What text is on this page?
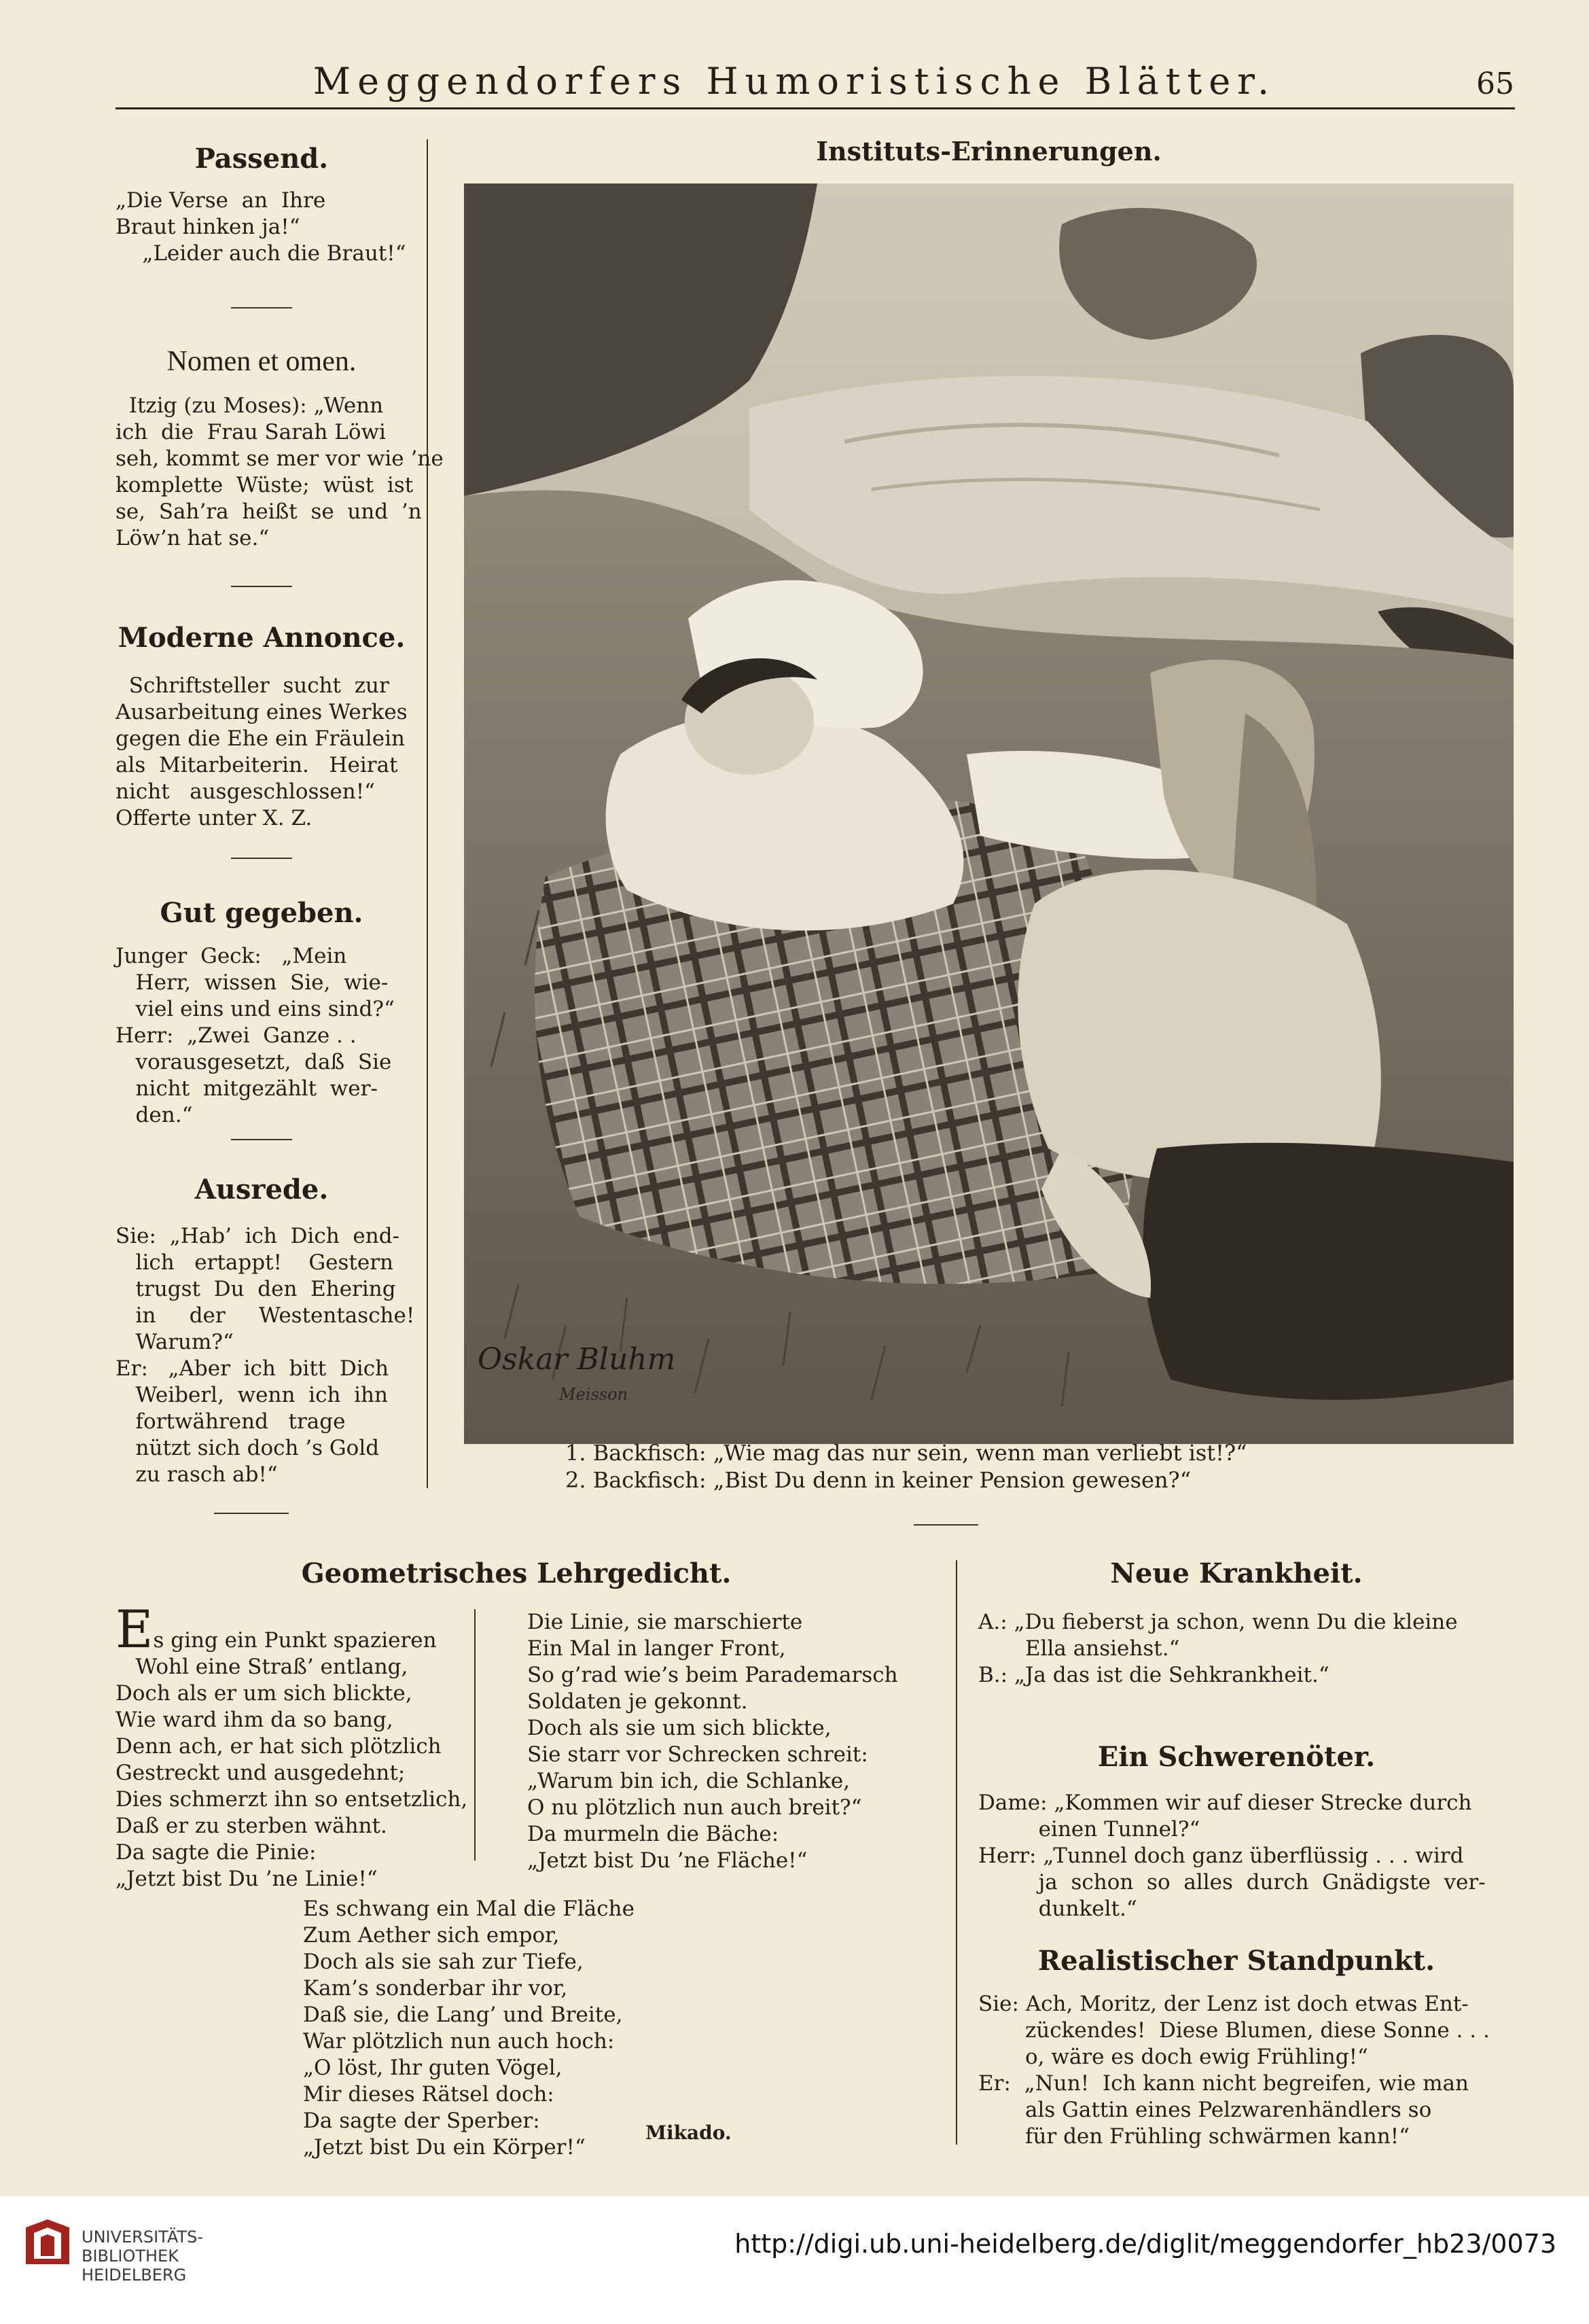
Meggendorfers Humoristische Blätter.	65
Passend.
„Die Verse  an  Ihre
Braut hinken ja!“
„Leider auch die Braut!“
Nomen et omen.
Itzig (zu Moses): „Wenn
ich  die  Frau Sarah Löwi
seh, kommt se mer vor wie ’ne
komplette  Wüste;  wüst  ist
se,  Sah’ra  heißt  se  und  ’n
Löw’n hat se.“
Moderne Annonce.
Schriftsteller  sucht  zur
Ausarbeitung eines Werkes
gegen die Ehe ein Fräulein
als  Mitarbeiterin.   Heirat
nicht   ausgeschlossen!“
Offerte unter X. Z.
Gut gegeben.
Junger  Geck:   „Mein
Herr,  wissen  Sie,  wie-
viel eins und eins sind?“
Herr:  „Zwei  Ganze . .
vorausgesetzt,  daß  Sie
nicht  mitgezählt  wer-
den.“
Ausrede.
Sie:  „Hab’  ich  Dich  end-
lich   ertappt!    Gestern
trugst  Du  den  Ehering
in     der     Westentasche!
Warum?“
Er:   „Aber  ich  bitt  Dich
Weiberl,  wenn  ich  ihn
fortwährend   trage
nützt sich doch ’s Gold
zu rasch ab!“
Instituts-Erinnerungen.
Oskar Bluhm
Meisson
1. Backfisch: „Wie mag das nur sein, wenn man verliebt ist!?“
2. Backfisch: „Bist Du denn in keiner Pension gewesen?“
Geometrisches Lehrgedicht.
Es ging ein Punkt spazieren
Wohl eine Straß’ entlang,
Doch als er um sich blickte,
Wie ward ihm da so bang,
Denn ach, er hat sich plötzlich
Gestreckt und ausgedehnt;
Dies schmerzt ihn so entsetzlich,
Daß er zu sterben wähnt.
Da sagte die Pinie:
„Jetzt bist Du ’ne Linie!“
Die Linie, sie marschierte
Ein Mal in langer Front,
So g’rad wie’s beim Parademarsch
Soldaten je gekonnt.
Doch als sie um sich blickte,
Sie starr vor Schrecken schreit:
„Warum bin ich, die Schlanke,
O nu plötzlich nun auch breit?“
Da murmeln die Bäche:
„Jetzt bist Du ’ne Fläche!“
Es schwang ein Mal die Fläche
Zum Aether sich empor,
Doch als sie sah zur Tiefe,
Kam’s sonderbar ihr vor,
Daß sie, die Lang’ und Breite,
War plötzlich nun auch hoch:
„O löst, Ihr guten Vögel,
Mir dieses Rätsel doch:
Da sagte der Sperber:
„Jetzt bist Du ein Körper!“
Mikado.
Neue Krankheit.
A.: „Du fieberst ja schon, wenn Du die kleine
Ella ansiehst.“
B.: „Ja das ist die Sehkrankheit.“
Ein Schwerenöter.
Dame: „Kommen wir auf dieser Strecke durch
einen Tunnel?“
Herr: „Tunnel doch ganz überflüssig . . . wird
ja  schon  so  alles  durch  Gnädigste  ver-
dunkelt.“
Realistischer Standpunkt.
Sie: Ach, Moritz, der Lenz ist doch etwas Ent-
zückendes!  Diese Blumen, diese Sonne . . .
o, wäre es doch ewig Frühling!“
Er:  „Nun!  Ich kann nicht begreifen, wie man
als Gattin eines Pelzwarenhändlers so
für den Frühling schwärmen kann!“
UNIVERSITÄTS-
BIBLIOTHEK
HEIDELBERG
http://digi.ub.uni-heidelberg.de/diglit/meggendorfer_hb23/0073
